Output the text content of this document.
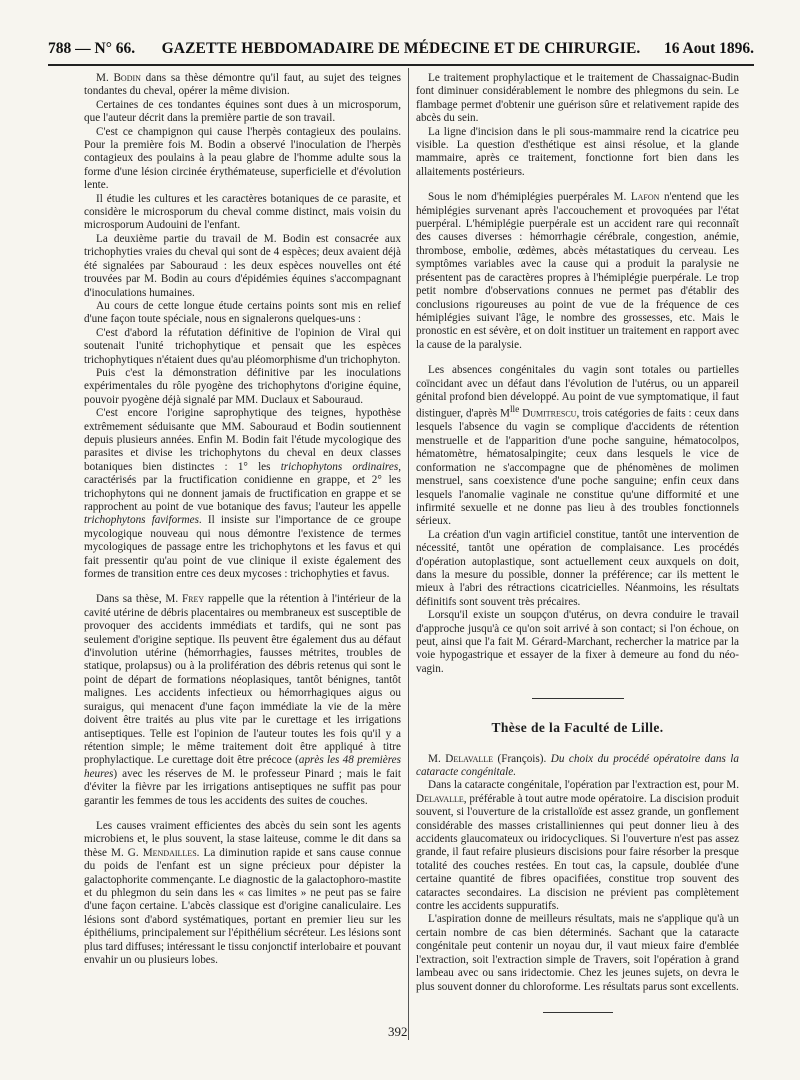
788 — N° 66.	GAZETTE HEBDOMADAIRE DE MÉDECINE ET DE CHIRURGIE.	16 Aout 1896.

M. Bodin dans sa thèse démontre qu'il faut, au sujet des teignes tondantes du cheval, opérer la même division.

Certaines de ces tondantes équines sont dues à un microsporum, que l'auteur décrit dans la première partie de son travail.

C'est ce champignon qui cause l'herpès contagieux des poulains. Pour la première fois M. Bodin a observé l'inoculation de l'herpès contagieux des poulains à la peau glabre de l'homme adulte sous la forme d'une lésion circinée érythémateuse, superficielle et d'évolution lente.

Il étudie les cultures et les caractères botaniques de ce parasite, et considère le microsporum du cheval comme distinct, mais voisin du microsporum Audouini de l'enfant.

La deuxième partie du travail de M. Bodin est consacrée aux trichophyties vraies du cheval qui sont de 4 espèces; deux avaient déjà été signalées par Sabouraud : les deux espèces nouvelles ont été trouvées par M. Bodin au cours d'épidémies équines s'accompagnant d'inoculations humaines.

Au cours de cette longue étude certains points sont mis en relief d'une façon toute spéciale, nous en signalerons quelques-uns :

C'est d'abord la réfutation définitive de l'opinion de Viral qui soutenait l'unité trichophytique et pensait que les espèces trichophytiques n'étaient dues qu'au pléomorphisme d'un trichophyton.

Puis c'est la démonstration définitive par les inoculations expérimentales du rôle pyogène des trichophytons d'origine équine, pouvoir pyogène déjà signalé par MM. Duclaux et Sabouraud.

C'est encore l'origine saprophytique des teignes, hypothèse extrêmement séduisante que MM. Sabouraud et Bodin soutiennent depuis plusieurs années. Enfin M. Bodin fait l'étude mycologique des parasites et divise les trichophytons du cheval en deux classes botaniques bien distinctes : 1° les trichophytons ordinaires, caractérisés par la fructification conidienne en grappe, et 2° les trichophytons qui ne donnent jamais de fructification en grappe et se rapprochent au point de vue botanique des favus; l'auteur les appelle trichophytons faviformes. Il insiste sur l'importance de ce groupe mycologique nouveau qui nous démontre l'existence de termes mycologiques de passage entre les trichophytons et les favus et qui fait pressentir qu'au point de vue clinique il existe également des formes de transition entre ces deux mycoses : trichophyties et favus.

Dans sa thèse, M. Frey rappelle que la rétention à l'intérieur de la cavité utérine de débris placentaires ou membraneux est susceptible de provoquer des accidents immédiats et tardifs, qui ne sont pas seulement d'origine septique. Ils peuvent être également dus au défaut d'involution utérine (hémorrhagies, fausses métrites, troubles de statique, prolapsus) ou à la prolifération des débris retenus qui sont le point de départ de formations néoplasiques, tantôt bénignes, tantôt malignes. Les accidents infectieux ou hémorrhagiques aigus ou suraigus, qui menacent d'une façon immédiate la vie de la mère doivent être traités au plus vite par le curettage et les irrigations antiseptiques. Telle est l'opinion de l'auteur toutes les fois qu'il y a rétention simple; le même traitement doit être appliqué à titre prophylactique. Le curettage doit être précoce (après les 48 premières heures) avec les réserves de M. le professeur Pinard ; mais le fait d'éviter la fièvre par les irrigations antiseptiques ne suffit pas pour garantir les femmes de tous les accidents des suites de couches.

Les causes vraiment efficientes des abcès du sein sont les agents microbiens et, le plus souvent, la stase laiteuse, comme le dit dans sa thèse M. G. Mendailles. La diminution rapide et sans cause connue du poids de l'enfant est un signe précieux pour dépister la galactophorite commençante. Le diagnostic de la galactophoro-mastite et du phlegmon du sein dans les « cas limites » ne peut pas se faire d'une façon certaine. L'abcès classique est d'origine canaliculaire. Les lésions sont d'abord systématiques, portant en premier lieu sur les épithéliums, principalement sur l'épithélium sécréteur. Les lésions sont plus tard diffuses; intéressant le tissu conjonctif interlobaire et pouvant envahir un ou plusieurs lobes.

Le traitement prophylactique et le traitement de Chassaignac-Budin font diminuer considérablement le nombre des phlegmons du sein. Le flambage permet d'obtenir une guérison sûre et relativement rapide des abcès du sein.

La ligne d'incision dans le pli sous-mammaire rend la cicatrice peu visible. La question d'esthétique est ainsi résolue, et la glande mammaire, après ce traitement, fonctionne fort bien dans les allaitements postérieurs.

Sous le nom d'hémiplégies puerpérales M. Lafon n'entend que les hémiplégies survenant après l'accouchement et provoquées par l'état puerpéral. L'hémiplégie puerpérale est un accident rare qui reconnaît des causes diverses : hémorrhagie cérébrale, congestion, anémie, thrombose, embolie, œdèmes, abcès métastatiques du cerveau. Les symptômes variables avec la cause qui a produit la paralysie ne présentent pas de caractères propres à l'hémiplégie puerpérale. Le trop petit nombre d'observations connues ne permet pas d'établir des conclusions rigoureuses au point de vue de la fréquence de ces hémiplégies suivant l'âge, le nombre des grossesses, etc. Mais le pronostic en est sévère, et on doit instituer un traitement en rapport avec la cause de la paralysie.

Les absences congénitales du vagin sont totales ou partielles coïncidant avec un défaut dans l'évolution de l'utérus, ou un appareil génital profond bien développé. Au point de vue symptomatique, il faut distinguer, d'après $M^{lle}$ Dumitrescu, trois catégories de faits : ceux dans lesquels l'absence du vagin se complique d'accidents de rétention menstruelle et de l'apparition d'une poche sanguine, hématocolpos, hématomètre, hématosalpingite; ceux dans lesquels le vice de conformation ne s'accompagne que de phénomènes de molimen menstruel, sans coexistence d'une poche sanguine; enfin ceux dans lesquels l'anomalie vaginale ne constitue qu'une difformité et une infirmité sexuelle et ne donne pas lieu à des troubles fonctionnels sérieux.

La création d'un vagin artificiel constitue, tantôt une intervention de nécessité, tantôt une opération de complaisance. Les procédés d'opération autoplastique, sont actuellement ceux auxquels on doit, dans la mesure du possible, donner la préférence; car ils mettent le mieux à l'abri des rétractions cicatricielles. Néanmoins, les résultats définitifs sont souvent très précaires.

Lorsqu'il existe un soupçon d'utérus, on devra conduire le travail d'approche jusqu'à ce qu'on soit arrivé à son contact; si l'on échoue, on peut, ainsi que l'a fait M. Gérard-Marchant, rechercher la matrice par la voie hypogastrique et essayer de la fixer à demeure au fond du néo-vagin.

Thèse de la Faculté de Lille.

M. Delavalle (François). Du choix du procédé opératoire dans la cataracte congénitale.

Dans la cataracte congénitale, l'opération par l'extraction est, pour M. Delavalle, préférable à tout autre mode opératoire. La discision produit souvent, si l'ouverture de la cristalloïde est assez grande, un gonflement considérable des masses cristalliniennes qui peut donner lieu à des accidents glaucomateux ou iridocycliques. Si l'ouverture n'est pas assez grande, il faut refaire plusieurs discisions pour faire résorber la presque totalité des couches restées. En tout cas, la capsule, doublée d'une certaine quantité de fibres opacifiées, constitue trop souvent des cataractes secondaires. La discision ne prévient pas complètement contre les accidents suppuratifs.

L'aspiration donne de meilleurs résultats, mais ne s'applique qu'à un certain nombre de cas bien déterminés. Sachant que la cataracte congénitale peut contenir un noyau dur, il vaut mieux faire d'emblée l'extraction, soit l'extraction simple de Travers, soit l'opération à grand lambeau avec ou sans iridectomie. Chez les jeunes sujets, on devra le plus souvent donner du chloroforme. Les résultats parus sont excellents.

392
